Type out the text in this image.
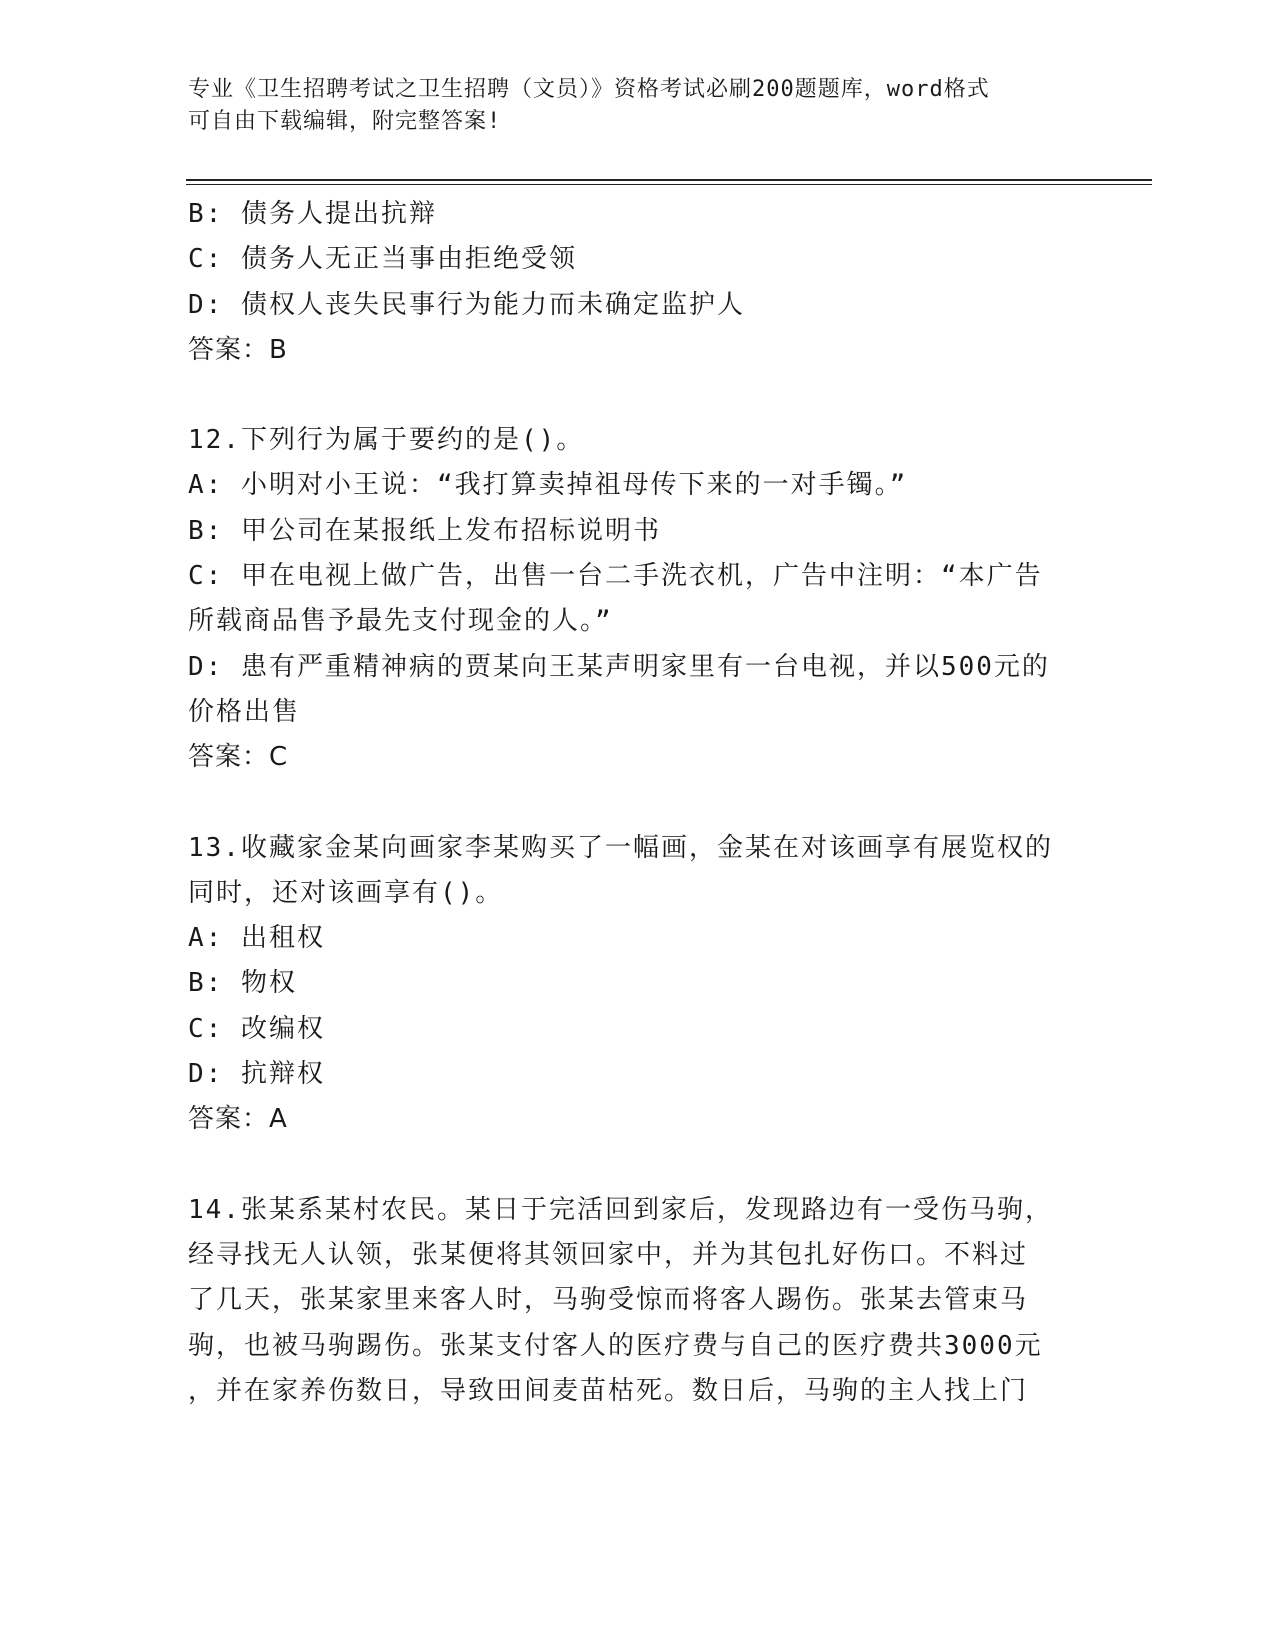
专业《卫生招聘考试之卫生招聘（文员）》资格考试必刷200题题库，word格式
可自由下载编辑，附完整答案!

B: 债务人提出抗辩

C: 债务人无正当事由拒绝受领

D: 债权人丧失民事行为能力而未确定监护人

答案：B

12.下列行为属于要约的是()。

A: 小明对小王说：“我打算卖掉祖母传下来的一对手镯。”

B: 甲公司在某报纸上发布招标说明书

C: 甲在电视上做广告，出售一台二手洗衣机，广告中注明：“本广告

所载商品售予最先支付现金的人。”

D: 患有严重精神病的贾某向王某声明家里有一台电视，并以500元的

价格出售

答案：C

13.收藏家金某向画家李某购买了一幅画，金某在对该画享有展览权的

同时，还对该画享有()。

A: 出租权

B: 物权

C: 改编权

D: 抗辩权

答案：A

14.张某系某村农民。某日于完活回到家后，发现路边有一受伤马驹，

经寻找无人认领，张某便将其领回家中，并为其包扎好伤口。不料过

了几天，张某家里来客人时，马驹受惊而将客人踢伤。张某去管束马

驹，也被马驹踢伤。张某支付客人的医疗费与自己的医疗费共3000元

，并在家养伤数日，导致田间麦苗枯死。数日后，马驹的主人找上门
